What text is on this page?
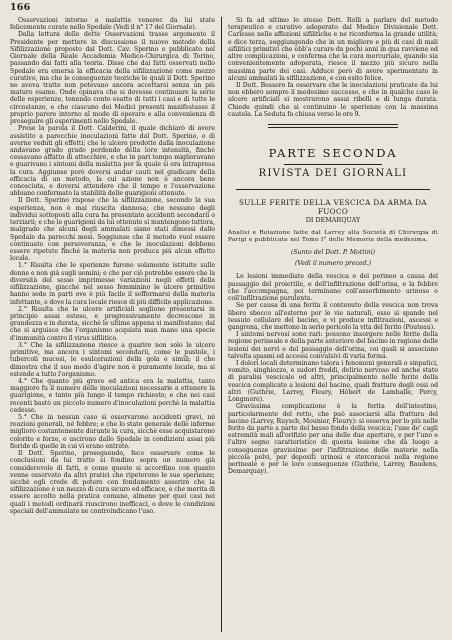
166

Osservazioni intorno a malattie venerec da lui state felicemente curate nello Spedale (Vedi il n° 17 del Giornale).

Dalla lettura delle dette Osservazioni trasse argomento il Presidente per mettere in discussione il nuovo metodo della Sifilizzazione proposto dal Dott. Cav. Sperino e pubblicato nel Giornale della Reale Accademia Medico-Chirurgica di Torino, passando dai fatti alla teoria. Disse che dai fatti osservati nello Spedale era emersa la efficacia della sifilizzazione come mezzo curativo, ma che le conseguenze teoriche le quali il Dott. Sperino ne aveva tratte non potevano ancora accettarsi senza un più maturo esame. Onde opinava che si dovesse continuare la serie delle esperienze, tenendo conto esatto di tutti i casi e di tutte le circostanze, e che ciascuno dei Medici presenti manifestasse il proprio parere intorno al modo di operare e alla convenienza di proseguire gli esperimenti nello Spedale.

Prese la parola il Dott. Calderini, il quale dichiarò di avere assistito a parecchie inoculazioni fatte dal Dott. Sperino, e di averne veduti gli effetti; che le ulcere prodotte dalla inoculazione andavano grado grado perdendo della loro intensità, finchè cessavano affatto di attecchire, e che in pari tempo miglioravano e guarivano i sintomi della malattia per la quale si era intrapresa la cura. Aggiunse però doversi andar cauti nel giudicare della efficacia di un metodo, la cui azione non è ancora bene conosciuta, e doversi attendere che il tempo e l'osservazione abbiano confermato la stabilità delle guarigioni ottenute.

Il Dott. Sperino rispose che la sifilizzazione, secondo la sua esperienza, non è mai riuscita dannosa; che nessuno degli individui sottoposti alla cura ha presentato accidenti secondarii o terziarii; e che le guarigioni da lui ottenute si mantengono tuttora, malgrado che alcuni degli ammalati siano stati dimessi dallo Spedale da parecchi mesi. Soggiunse che il metodo vuol essere continuato con perseveranza, e che le inoculazioni debbono essere ripetute finchè la materia non produca più alcun effetto locale.

1.° Risulta che le sperienze furono solamente istituite sulle donne e non già sugli uomini; e che per ciò potrebbe essere che la diversità del sesso imprimesse variazioni negli effetti della sifilizzazione, giacchè nel sesso femminino le ulcere primitive hanno sede in parti ove è più facile il soffermarsi della materia infettante, e dove la cura locale riesce di più difficile applicazione.

2.° Risulta che le ulcere artificiali sogliono presentarsi in principio assai estese, e progressivamente decrescono in grandezza e in durata, sicchè le ultime appena si manifestano; dal che si arguisce che l'organismo acquista man mano una specie d'immunità contro il virus sifilitico.

3.° Che la sifilizzazione riesce a guarire non solo le ulcere primitive, ma ancora i sintomi secondarii, come le pustole, i tubercoli mucosi, le esulcerazioni della gola e simili; il che dimostra che il suo modo d'agire non è puramente locale, ma si estende a tutto l'organismo.

4.° Che quanto più grave ed antica era la malattia, tanto maggiore fu il numero delle inoculazioni necessarie a ottenere la guarigione, e tanto più lungo il tempo richiesto; e che nei casi recenti bastò un piccolo numero d'inoculazioni perchè la malattia cedesse.

5.° Che in nessun caso si osservarono accidenti gravi, nè reazioni generali, nè febbre; e che lo stato generale delle inferme migliorò costantemente durante la cura, sicchè esse acquistarono colorito e forze, e uscirono dallo Spedale in condizioni assai più floride di quelle in cui vi erano entrate.

Il Dott. Sperino, proseguendo, fece osservare come le conclusioni da lui tratte si fondino sopra un numero già considerevole di fatti, e come queste si accordino con quanto venne osservato da altri pratici che ripeterono le sue sperienze; sicchè egli crede di potere con fondamento asserire che la sifilizzazione è un mezzo di cura sicuro ed efficace, e che merita di essere accolto nella pratica comune, almeno per quei casi nei quali i metodi ordinarii riuscirono inefficaci, o dove le condizioni speciali dell'ammalato ne controindicano l'uso.

Si fa ad ultimo lo stesso Dott. Rolli a parlare del metodo terapeutico e curativo adoperato dal Medico Divisionale Dott. Carlesse nelle affezioni sifilitiche e ne riconferma la grande utilità; e dice terza, soggiungendo che in un migliore e più di casi di mali sifilitici primitivi che ebb'a curare da pochi anni in qua ravviene ed altre complicazioni, e conferma che la cura mercuriale, quando sia convenientemente adoperata, riesce il mezzo più sicuro nella massima parte dei casi. Adduce però di avere sperimentato in alcuni ammalati la sifilizzazione, e con esito felice.

Il Dott. Bossero fa osservare che le inoculazioni praticate da lui non ebbero sempre il medesimo successo, e che in qualche caso le ulcere artificiali si mostrarono assai ribelli e di lunga durata. Chiede quindi che si continuino le sperienze con la massima cautela. La Seduta fu chiusa verso le ore 9.

PARTE SECONDA
RIVISTA DEI GIORNALI
SULLE FERITE DELLA VESCICA DA ARMA DA FUOCO
DI DEMARQUAY
Analisi e Relazione fatte dal Larrey alla Società di Chirurgia di Parigi e pubblicate nel Tomo I° delle Memorie della medesima.
(Sunto del Dott. P. Mottini)
(Vedi il numero preced.)

Le lesioni immediate della vescica e del perineo a causa del passaggio del proiettile, e dell'infiltrazione dell'orina, e la febbre che l'accompagna, poi terminano coll'assorbimento urinoso o coll'infiltrazione purulenta.

Se per causa di una ferita il contenuto della vescica non trova libero sbocco all'esterno per le vie naturali, esso si spande nel tessuto cellulare del bacino, e vi produce infiltrazioni, ascessi e gangrena, che mettono in serio pericolo la vita del ferito (Pouteau).

I sintomi nervosi sono rari: possono insorgere nelle ferite della regione perineale e della parte anteriore del bacino in ragione delle lesioni dei nervi e del passaggio dell'orina, coi quali si associano talvolta spasmi ed accessi convulsivi di varia forma.

I dolori locali determinano talora i fenomeni generali o sinpatici, vomito, singhiozzo, e sudori freddi, delirio nervoso ed anche stato di paralisi vescicale od altri, principalmente nelle ferite della vescica complicate a lesioni del bacino, quali fratture degli ossi od altri (Guthrie, Larrey, Fleury, Hébert de Lamballe, Percy, Longmore).

Gravissima complicazione è la ferita dell'intestino, particolarmente del retto, che può associarsi alla frattura del bacino (Larrey, Ruysch, Mounier, Fleury): si osserva per lo più nelle ferite da parte a parte del basso fondo della vescica; l'une de' cagli estremità mali all'orifizio per una delle due aperture, e per l'uno e l'altro segno caratteristico di questa lesione che dà luogo a conseguenze gravissime per l'infiltrazione delle materie nella piccola pelvi, per depositi urinosi e stercoracei nella regione perineale e per le loro conseguenze (Guthrie, Larrey, Baudens, Demarquay).
